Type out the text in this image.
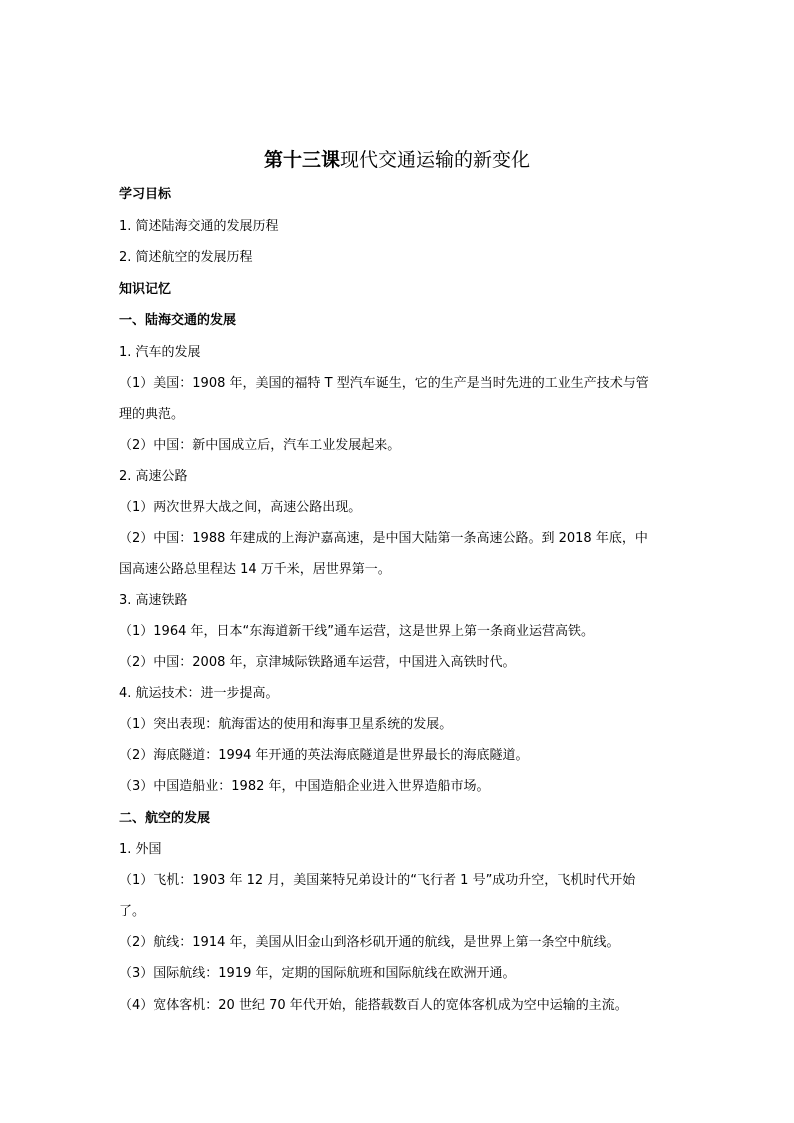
第十三课现代交通运输的新变化
学习目标
1. 简述陆海交通的发展历程
2. 简述航空的发展历程
知识记忆
一、陆海交通的发展
1. 汽车的发展
（1）美国：1908 年，美国的福特 T 型汽车诞生，它的生产是当时先进的工业生产技术与管
理的典范。
（2）中国：新中国成立后，汽车工业发展起来。
2. 高速公路
（1）两次世界大战之间，高速公路出现。
（2）中国：1988 年建成的上海沪嘉高速，是中国大陆第一条高速公路。到 2018 年底，中
国高速公路总里程达 14 万千米，居世界第一。
3. 高速铁路
（1）1964 年，日本“东海道新干线”通车运营，这是世界上第一条商业运营高铁。
（2）中国：2008 年，京津城际铁路通车运营，中国进入高铁时代。
4. 航运技术：进一步提高。
（1）突出表现：航海雷达的使用和海事卫星系统的发展。
（2）海底隧道：1994 年开通的英法海底隧道是世界最长的海底隧道。
（3）中国造船业：1982 年，中国造船企业进入世界造船市场。
二、航空的发展
1. 外国
（1）飞机：1903 年 12 月，美国莱特兄弟设计的“飞行者 1 号”成功升空，飞机时代开始
了。
（2）航线：1914 年，美国从旧金山到洛杉矶开通的航线，是世界上第一条空中航线。
（3）国际航线：1919 年，定期的国际航班和国际航线在欧洲开通。
（4）宽体客机：20 世纪 70 年代开始，能搭载数百人的宽体客机成为空中运输的主流。
